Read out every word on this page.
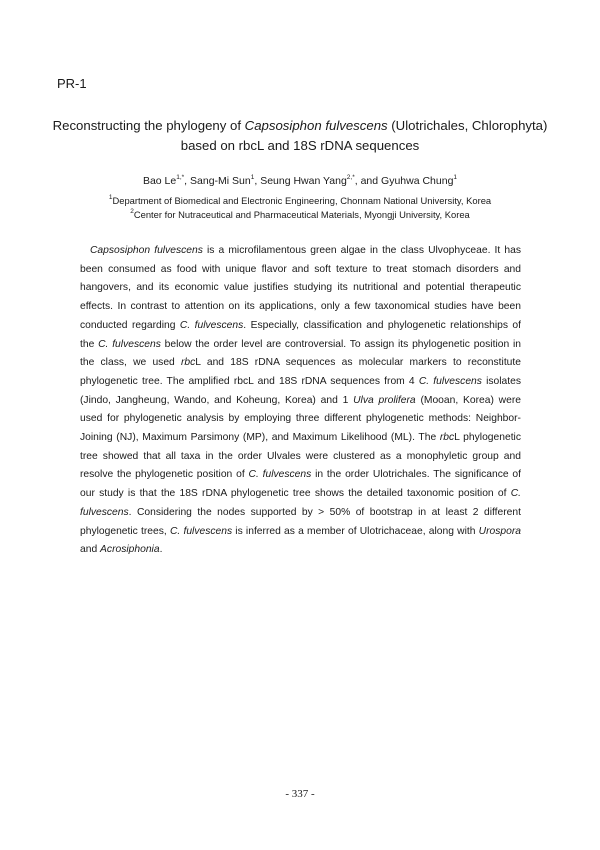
PR-1
Reconstructing the phylogeny of Capsosiphon fulvescens (Ulotrichales, Chlorophyta)
based on rbcL and 18S rDNA sequences
Bao $Le^{1,*}$, Sang-Mi Sun$^1$, Seung Hwan Yang$^{2,*}$, and Gyuhwa Chung$^1$
$^1$Department of Biomedical and Electronic Engineering, Chonnam National University, Korea
$^2$Center for Nutraceutical and Pharmaceutical Materials, Myongji University, Korea
Capsosiphon fulvescens is a microfilamentous green algae in the class Ulvophyceae. It has been consumed as food with unique flavor and soft texture to treat stomach disorders and hangovers, and its economic value justifies studying its nutritional and potential therapeutic effects. In contrast to attention on its applications, only a few taxonomical studies have been conducted regarding C. fulvescens. Especially, classification and phylogenetic relationships of the C. fulvescens below the order level are controversial. To assign its phylogenetic position in the class, we used rbcL and 18S rDNA sequences as molecular markers to reconstitute phylogenetic tree. The amplified rbcL and 18S rDNA sequences from 4 C. fulvescens isolates (Jindo, Jangheung, Wando, and Koheung, Korea) and 1 Ulva prolifera (Mooan, Korea) were used for phylogenetic analysis by employing three different phylogenetic methods: Neighbor-Joining (NJ), Maximum Parsimony (MP), and Maximum Likelihood (ML). The rbcL phylogenetic tree showed that all taxa in the order Ulvales were clustered as a monophyletic group and resolve the phylogenetic position of C. fulvescens in the order Ulotrichales. The significance of our study is that the 18S rDNA phylogenetic tree shows the detailed taxonomic position of C. fulvescens. Considering the nodes supported by > 50% of bootstrap in at least 2 different phylogenetic trees, C. fulvescens is inferred as a member of Ulotrichaceae, along with Urospora and Acrosiphonia.
- 337 -
